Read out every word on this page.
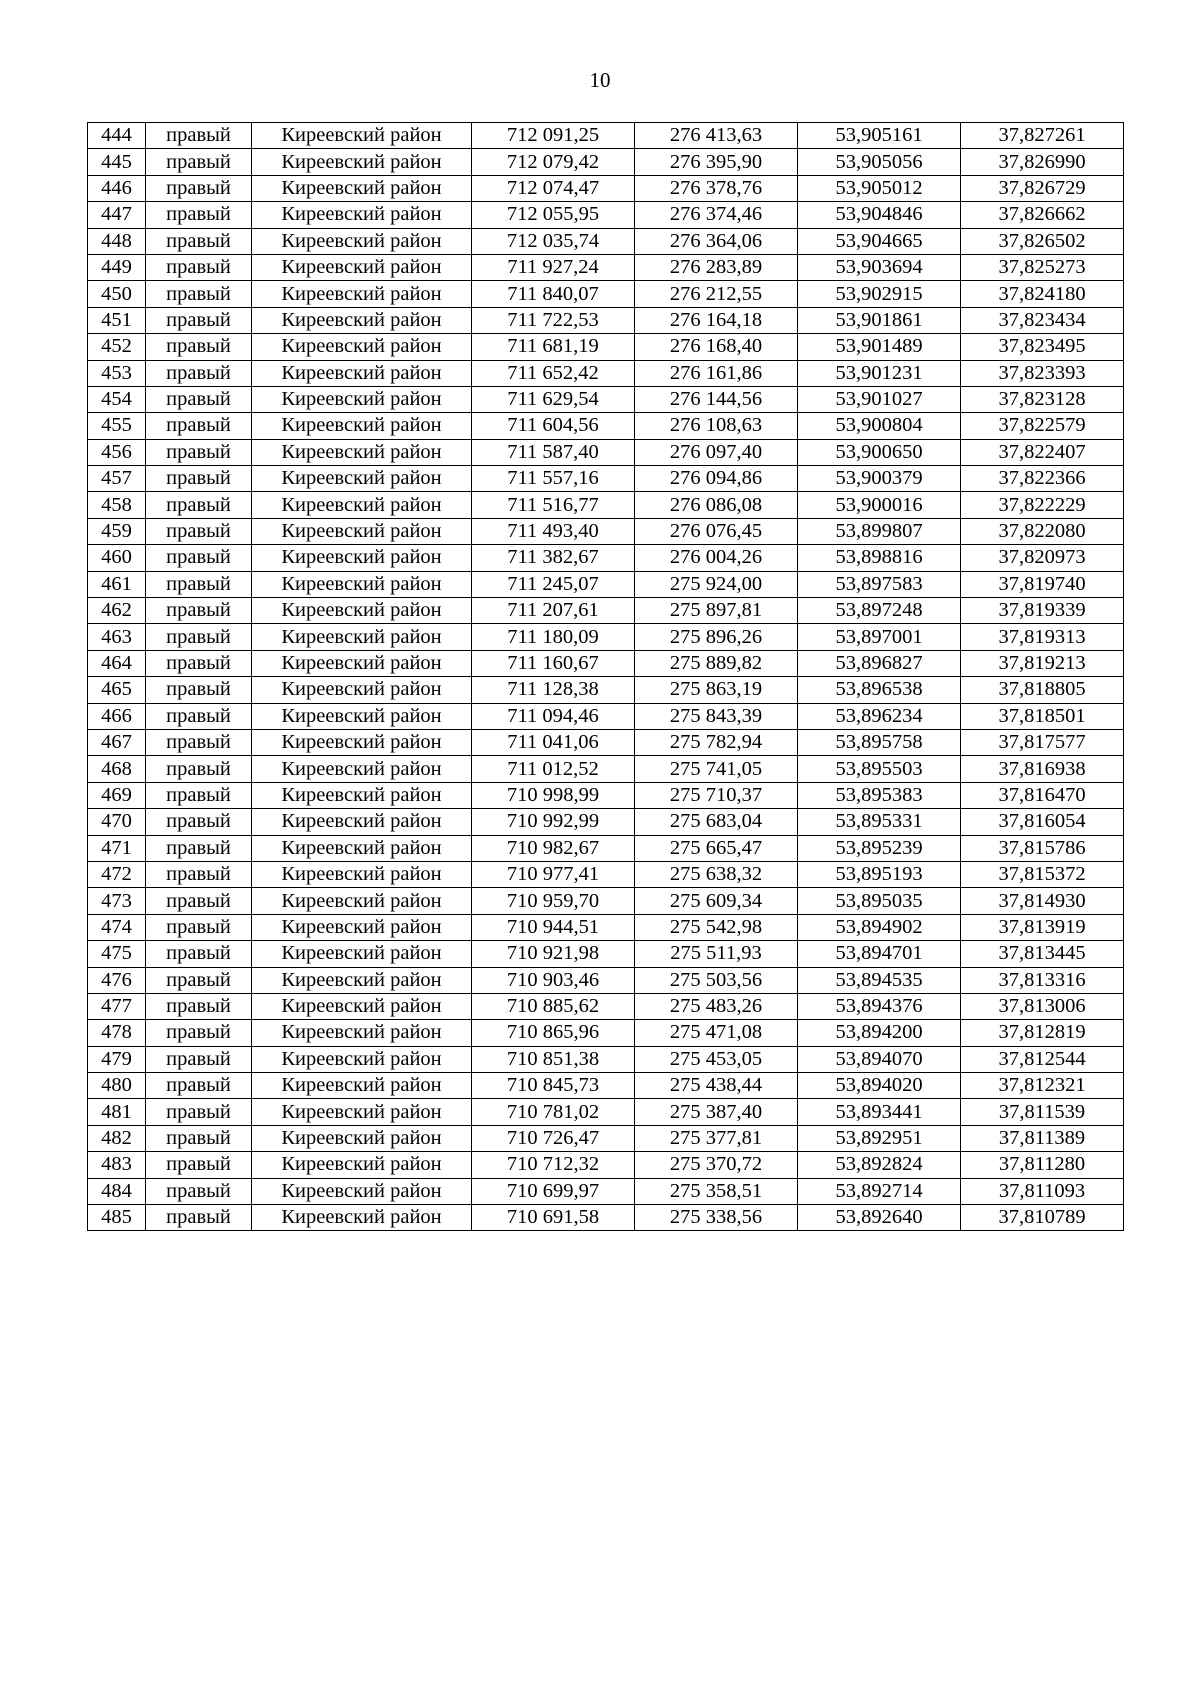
10
444	правый	Киреевский район	712 091,25	276 413,63	53,905161	37,827261
445	правый	Киреевский район	712 079,42	276 395,90	53,905056	37,826990
446	правый	Киреевский район	712 074,47	276 378,76	53,905012	37,826729
447	правый	Киреевский район	712 055,95	276 374,46	53,904846	37,826662
448	правый	Киреевский район	712 035,74	276 364,06	53,904665	37,826502
449	правый	Киреевский район	711 927,24	276 283,89	53,903694	37,825273
450	правый	Киреевский район	711 840,07	276 212,55	53,902915	37,824180
451	правый	Киреевский район	711 722,53	276 164,18	53,901861	37,823434
452	правый	Киреевский район	711 681,19	276 168,40	53,901489	37,823495
453	правый	Киреевский район	711 652,42	276 161,86	53,901231	37,823393
454	правый	Киреевский район	711 629,54	276 144,56	53,901027	37,823128
455	правый	Киреевский район	711 604,56	276 108,63	53,900804	37,822579
456	правый	Киреевский район	711 587,40	276 097,40	53,900650	37,822407
457	правый	Киреевский район	711 557,16	276 094,86	53,900379	37,822366
458	правый	Киреевский район	711 516,77	276 086,08	53,900016	37,822229
459	правый	Киреевский район	711 493,40	276 076,45	53,899807	37,822080
460	правый	Киреевский район	711 382,67	276 004,26	53,898816	37,820973
461	правый	Киреевский район	711 245,07	275 924,00	53,897583	37,819740
462	правый	Киреевский район	711 207,61	275 897,81	53,897248	37,819339
463	правый	Киреевский район	711 180,09	275 896,26	53,897001	37,819313
464	правый	Киреевский район	711 160,67	275 889,82	53,896827	37,819213
465	правый	Киреевский район	711 128,38	275 863,19	53,896538	37,818805
466	правый	Киреевский район	711 094,46	275 843,39	53,896234	37,818501
467	правый	Киреевский район	711 041,06	275 782,94	53,895758	37,817577
468	правый	Киреевский район	711 012,52	275 741,05	53,895503	37,816938
469	правый	Киреевский район	710 998,99	275 710,37	53,895383	37,816470
470	правый	Киреевский район	710 992,99	275 683,04	53,895331	37,816054
471	правый	Киреевский район	710 982,67	275 665,47	53,895239	37,815786
472	правый	Киреевский район	710 977,41	275 638,32	53,895193	37,815372
473	правый	Киреевский район	710 959,70	275 609,34	53,895035	37,814930
474	правый	Киреевский район	710 944,51	275 542,98	53,894902	37,813919
475	правый	Киреевский район	710 921,98	275 511,93	53,894701	37,813445
476	правый	Киреевский район	710 903,46	275 503,56	53,894535	37,813316
477	правый	Киреевский район	710 885,62	275 483,26	53,894376	37,813006
478	правый	Киреевский район	710 865,96	275 471,08	53,894200	37,812819
479	правый	Киреевский район	710 851,38	275 453,05	53,894070	37,812544
480	правый	Киреевский район	710 845,73	275 438,44	53,894020	37,812321
481	правый	Киреевский район	710 781,02	275 387,40	53,893441	37,811539
482	правый	Киреевский район	710 726,47	275 377,81	53,892951	37,811389
483	правый	Киреевский район	710 712,32	275 370,72	53,892824	37,811280
484	правый	Киреевский район	710 699,97	275 358,51	53,892714	37,811093
485	правый	Киреевский район	710 691,58	275 338,56	53,892640	37,810789
